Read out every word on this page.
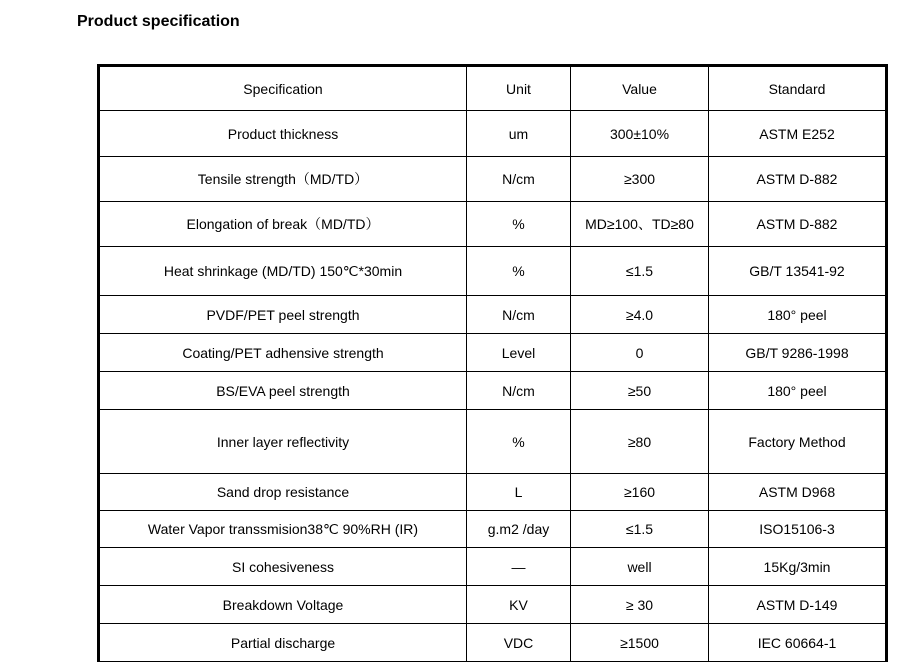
Product specification
Specification	Unit	Value	Standard
Product thickness	um	300±10%	ASTM E252
Tensile strength（MD/TD）	N/cm	≥300	ASTM D-882
Elongation of break（MD/TD）	%	MD≥100、TD≥80	ASTM D-882
Heat shrinkage (MD/TD) 150℃*30min	%	≤1.5	GB/T 13541-92
PVDF/PET peel strength	N/cm	≥4.0	180° peel
Coating/PET adhensive strength	Level	0	GB/T 9286-1998
BS/EVA peel strength	N/cm	≥50	180° peel
Inner layer reflectivity	%	≥80	Factory Method
Sand drop resistance	L	≥160	ASTM D968
Water Vapor transsmision38℃ 90%RH (IR)	g.m2 /day	≤1.5	ISO15106-3
SI cohesiveness	—	well	15Kg/3min
Breakdown Voltage	KV	≥ 30	ASTM D-149
Partial discharge	VDC	≥1500	IEC 60664-1
